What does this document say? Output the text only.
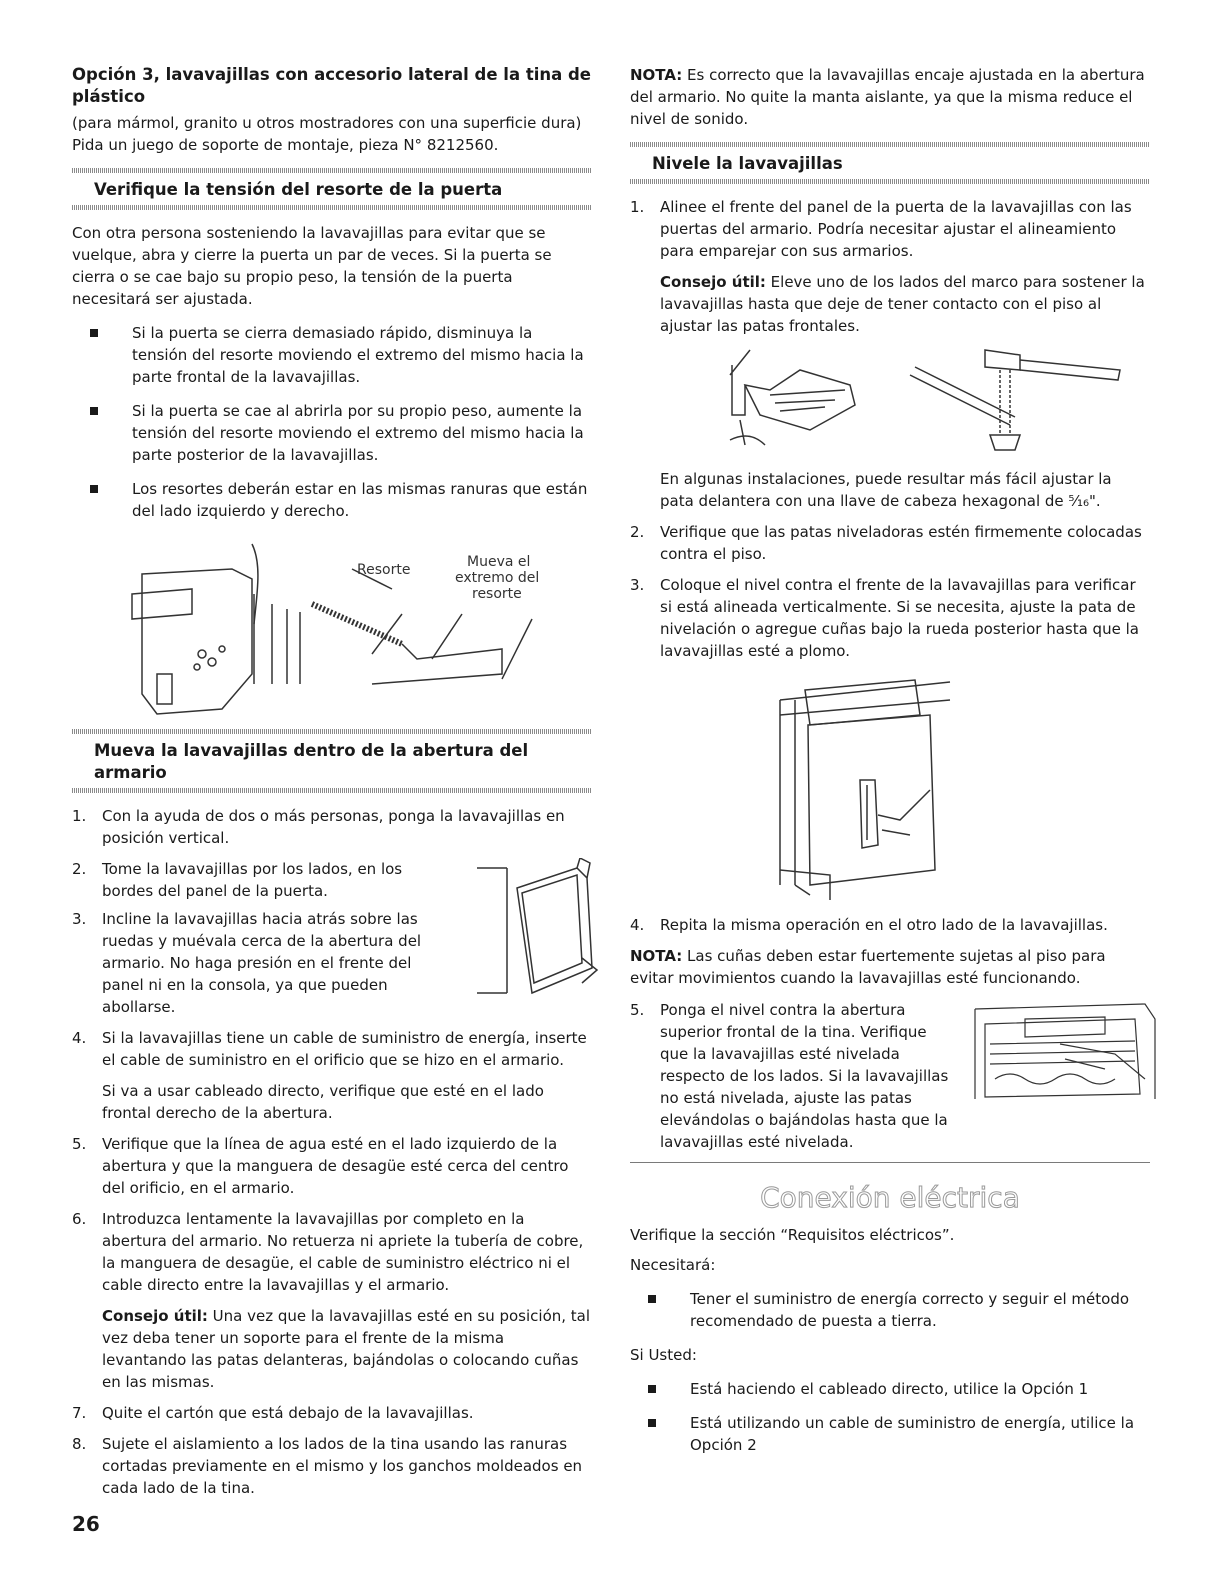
Opción 3, lavavajillas con accesorio lateral de la tina de plástico

(para mármol, granito u otros mostradores con una superficie dura)

Pida un juego de soporte de montaje, pieza N° 8212560.

Verifique la tensión del resorte de la puerta

Con otra persona sosteniendo la lavavajillas para evitar que se vuelque, abra y cierre la puerta un par de veces. Si la puerta se cierra o se cae bajo su propio peso, la tensión de la puerta necesitará ser ajustada.

Si la puerta se cierra demasiado rápido, disminuya la tensión del resorte moviendo el extremo del mismo hacia la parte frontal de la lavavajillas.
Si la puerta se cae al abrirla por su propio peso, aumente la tensión del resorte moviendo el extremo del mismo hacia la parte posterior de la lavavajillas.
Los resortes deberán estar en las mismas ranuras que están del lado izquierdo y derecho.
Resorte	Mueva el
extremo del
resorte
Mueva la lavavajillas dentro de la abertura del armario
1. Con la ayuda de dos o más personas, ponga la lavavajillas en posición vertical.
2. Tome la lavavajillas por los lados, en los bordes del panel de la puerta.
3. Incline la lavavajillas hacia atrás sobre las ruedas y muévala cerca de la abertura del armario. No haga presión en el frente del panel ni en la consola, ya que pueden abollarse.
4. Si la lavavajillas tiene un cable de suministro de energía, inserte el cable de suministro en el orificio que se hizo en el armario.

Si va a usar cableado directo, verifique que esté en el lado frontal derecho de la abertura.

5. Verifique que la línea de agua esté en el lado izquierdo de la abertura y que la manguera de desagüe esté cerca del centro del orificio, en el armario.
6. Introduzca lentamente la lavavajillas por completo en la abertura del armario. No retuerza ni apriete la tubería de cobre, la manguera de desagüe, el cable de suministro eléctrico ni el cable directo entre la lavavajillas y el armario.

Consejo útil: Una vez que la lavavajillas esté en su posición, tal vez deba tener un soporte para el frente de la misma levantando las patas delanteras, bajándolas o colocando cuñas en las mismas.

7. Quite el cartón que está debajo de la lavavajillas.
8. Sujete el aislamiento a los lados de la tina usando las ranuras cortadas previamente en el mismo y los ganchos moldeados en cada lado de la tina.

NOTA: Es correcto que la lavavajillas encaje ajustada en la abertura del armario. No quite la manta aislante, ya que la misma reduce el nivel de sonido.

Nivele la lavavajillas
1. Alinee el frente del panel de la puerta de la lavavajillas con las puertas del armario. Podría necesitar ajustar el alineamiento para emparejar con sus armarios.

Consejo útil: Eleve uno de los lados del marco para sostener la lavavajillas hasta que deje de tener contacto con el piso al ajustar las patas frontales.

En algunas instalaciones, puede resultar más fácil ajustar la pata delantera con una llave de cabeza hexagonal de ⁵⁄₁₆".

2. Verifique que las patas niveladoras estén firmemente colocadas contra el piso.
3. Coloque el nivel contra el frente de la lavavajillas para verificar si está alineada verticalmente. Si se necesita, ajuste la pata de nivelación o agregue cuñas bajo la rueda posterior hasta que la lavavajillas esté a plomo.
4. Repita la misma operación en el otro lado de la lavavajillas.

NOTA: Las cuñas deben estar fuertemente sujetas al piso para evitar movimientos cuando la lavavajillas esté funcionando.

5. Ponga el nivel contra la abertura superior frontal de la tina. Verifique que la lavavajillas esté nivelada respecto de los lados. Si la lavavajillas no está nivelada, ajuste las patas elevándolas o bajándolas hasta que la lavavajillas esté nivelada.
Conexión eléctrica

Verifique la sección “Requisitos eléctricos”.

Necesitará:

Tener el suministro de energía correcto y seguir el método recomendado de puesta a tierra.

Si Usted:

Está haciendo el cableado directo, utilice la Opción 1
Está utilizando un cable de suministro de energía, utilice la Opción 2
26
